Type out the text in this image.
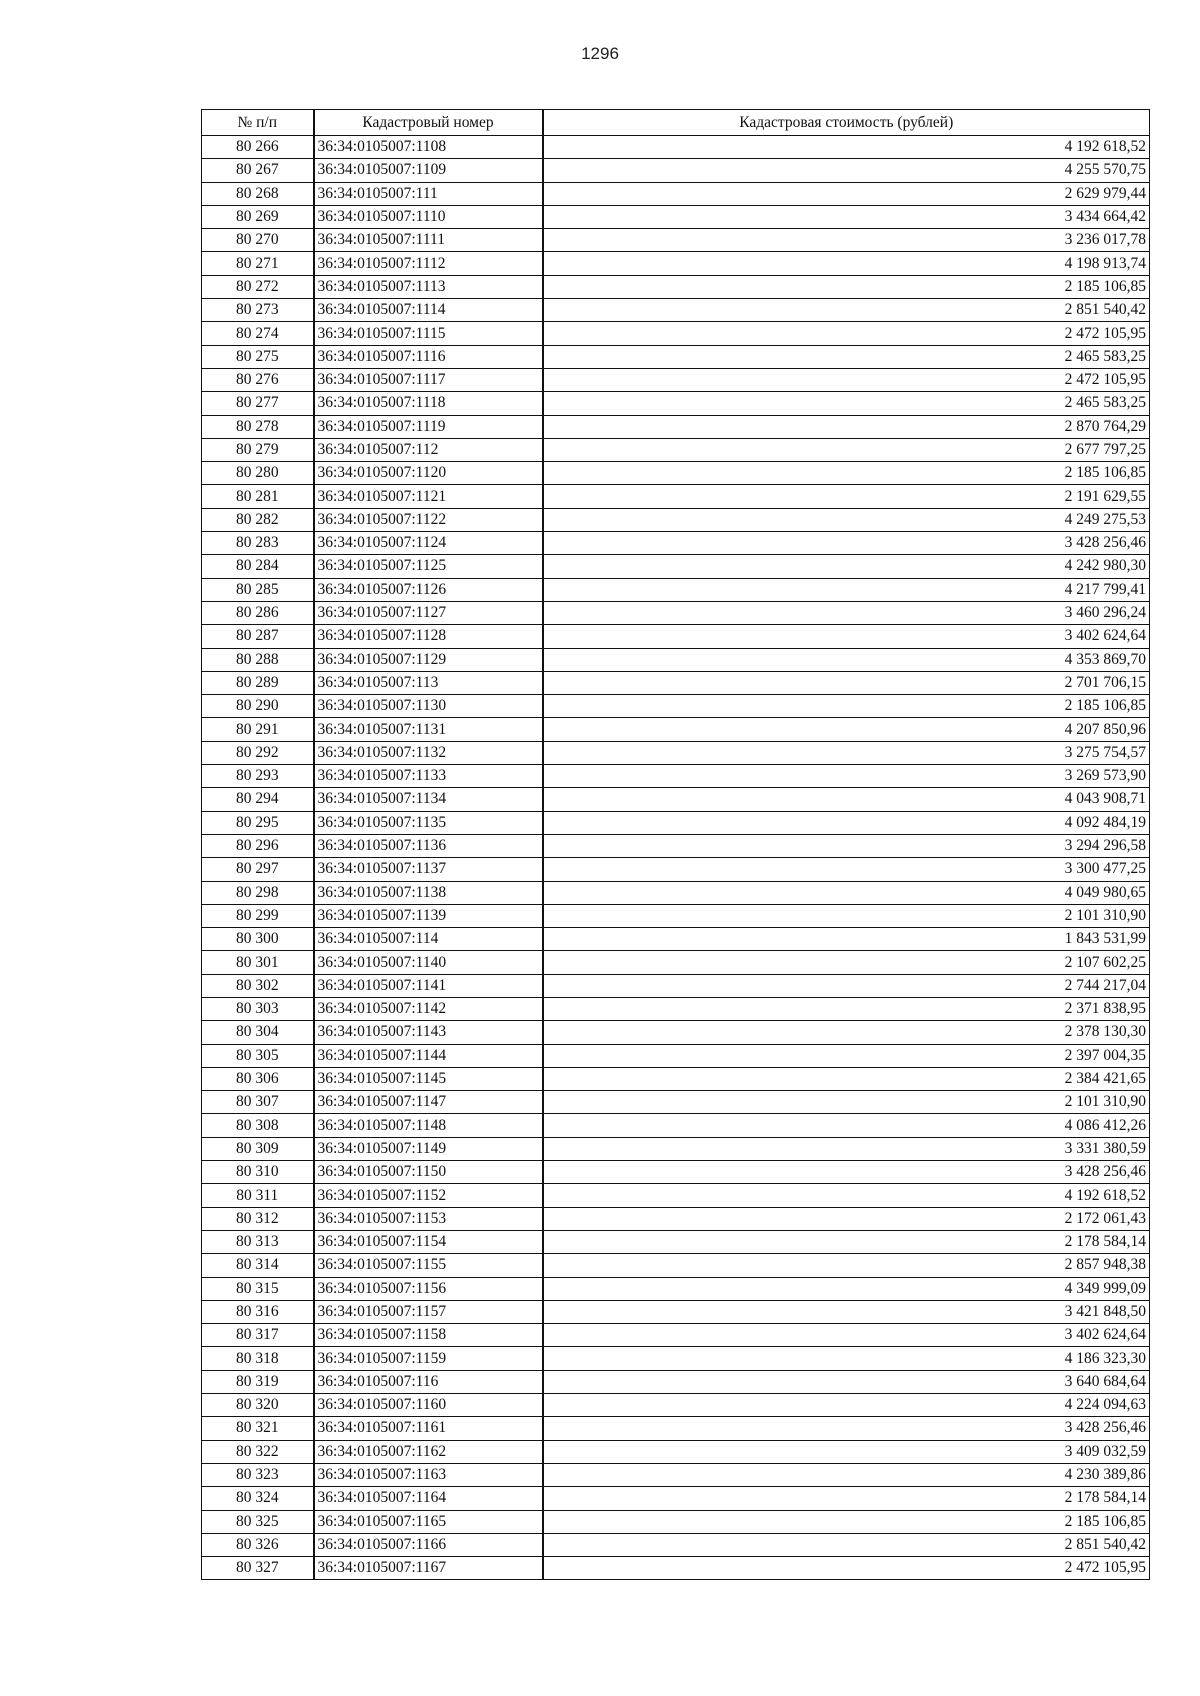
1296
№ п/п	Кадастровый номер	Кадастровая стоимость (рублей)
80 266	36:34:0105007:1108	4 192 618,52
80 267	36:34:0105007:1109	4 255 570,75
80 268	36:34:0105007:111	2 629 979,44
80 269	36:34:0105007:1110	3 434 664,42
80 270	36:34:0105007:1111	3 236 017,78
80 271	36:34:0105007:1112	4 198 913,74
80 272	36:34:0105007:1113	2 185 106,85
80 273	36:34:0105007:1114	2 851 540,42
80 274	36:34:0105007:1115	2 472 105,95
80 275	36:34:0105007:1116	2 465 583,25
80 276	36:34:0105007:1117	2 472 105,95
80 277	36:34:0105007:1118	2 465 583,25
80 278	36:34:0105007:1119	2 870 764,29
80 279	36:34:0105007:112	2 677 797,25
80 280	36:34:0105007:1120	2 185 106,85
80 281	36:34:0105007:1121	2 191 629,55
80 282	36:34:0105007:1122	4 249 275,53
80 283	36:34:0105007:1124	3 428 256,46
80 284	36:34:0105007:1125	4 242 980,30
80 285	36:34:0105007:1126	4 217 799,41
80 286	36:34:0105007:1127	3 460 296,24
80 287	36:34:0105007:1128	3 402 624,64
80 288	36:34:0105007:1129	4 353 869,70
80 289	36:34:0105007:113	2 701 706,15
80 290	36:34:0105007:1130	2 185 106,85
80 291	36:34:0105007:1131	4 207 850,96
80 292	36:34:0105007:1132	3 275 754,57
80 293	36:34:0105007:1133	3 269 573,90
80 294	36:34:0105007:1134	4 043 908,71
80 295	36:34:0105007:1135	4 092 484,19
80 296	36:34:0105007:1136	3 294 296,58
80 297	36:34:0105007:1137	3 300 477,25
80 298	36:34:0105007:1138	4 049 980,65
80 299	36:34:0105007:1139	2 101 310,90
80 300	36:34:0105007:114	1 843 531,99
80 301	36:34:0105007:1140	2 107 602,25
80 302	36:34:0105007:1141	2 744 217,04
80 303	36:34:0105007:1142	2 371 838,95
80 304	36:34:0105007:1143	2 378 130,30
80 305	36:34:0105007:1144	2 397 004,35
80 306	36:34:0105007:1145	2 384 421,65
80 307	36:34:0105007:1147	2 101 310,90
80 308	36:34:0105007:1148	4 086 412,26
80 309	36:34:0105007:1149	3 331 380,59
80 310	36:34:0105007:1150	3 428 256,46
80 311	36:34:0105007:1152	4 192 618,52
80 312	36:34:0105007:1153	2 172 061,43
80 313	36:34:0105007:1154	2 178 584,14
80 314	36:34:0105007:1155	2 857 948,38
80 315	36:34:0105007:1156	4 349 999,09
80 316	36:34:0105007:1157	3 421 848,50
80 317	36:34:0105007:1158	3 402 624,64
80 318	36:34:0105007:1159	4 186 323,30
80 319	36:34:0105007:116	3 640 684,64
80 320	36:34:0105007:1160	4 224 094,63
80 321	36:34:0105007:1161	3 428 256,46
80 322	36:34:0105007:1162	3 409 032,59
80 323	36:34:0105007:1163	4 230 389,86
80 324	36:34:0105007:1164	2 178 584,14
80 325	36:34:0105007:1165	2 185 106,85
80 326	36:34:0105007:1166	2 851 540,42
80 327	36:34:0105007:1167	2 472 105,95
